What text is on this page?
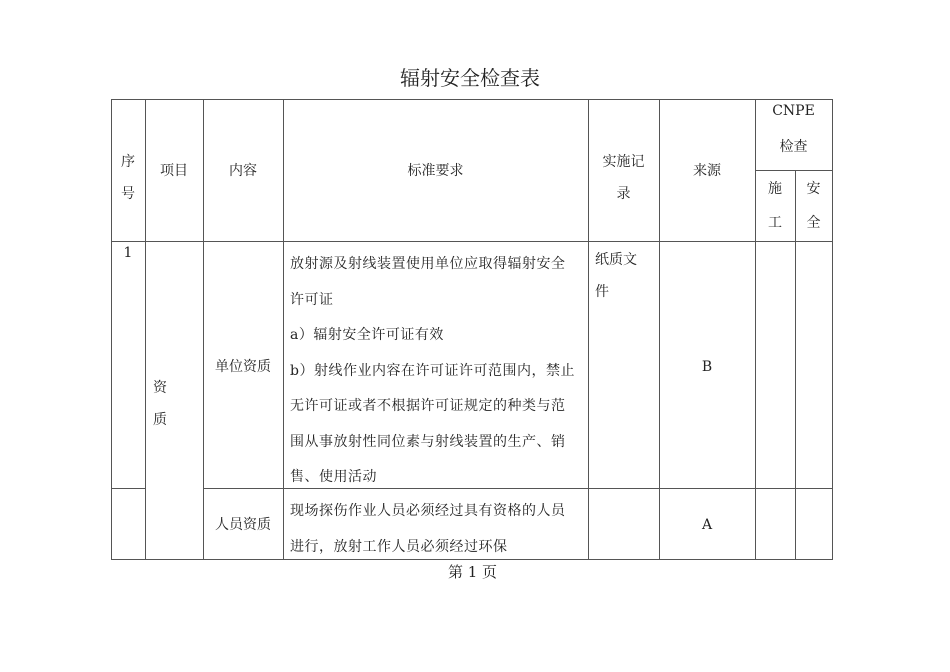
辐射安全检查表
序
号
项目	内容	标准要求
实施记
录
来源
CNPE
检查
施
工
安
全
1
资
质
单位资质
放射源及射线装置使用单位应取得辐射安全
许可证
a）辐射安全许可证有效
b）射线作业内容在许可证许可范围内，禁止
无许可证或者不根据许可证规定的种类与范
围从事放射性同位素与射线装置的生产、销
售、使用活动
纸质文
件
B
人员资质
现场探伤作业人员必须经过具有资格的人员
进行，放射工作人员必须经过环保
A
第 1 页
